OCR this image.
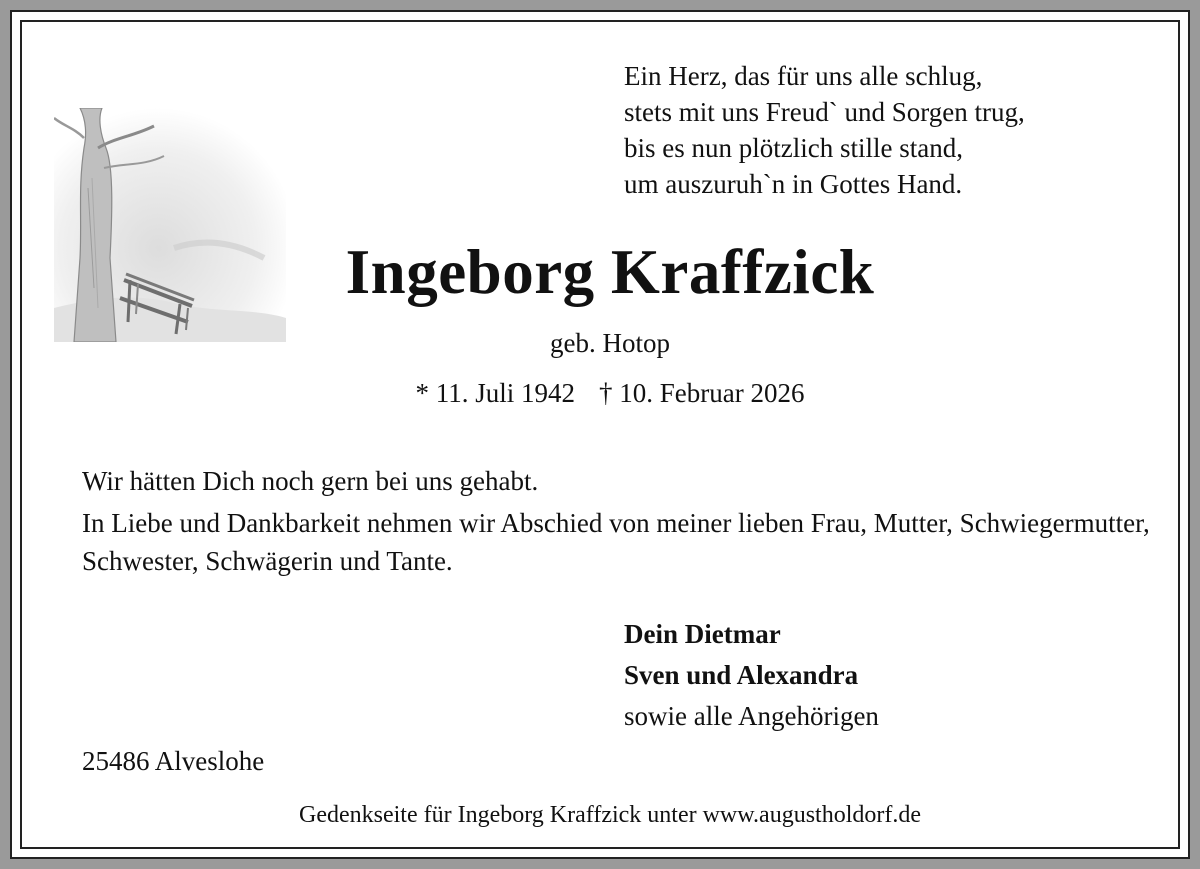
Ein Herz, das für uns alle schlug,
stets mit uns Freud` und Sorgen trug,
bis es nun plötzlich stille stand,
um auszuruh`n in Gottes Hand.
Ingeborg Kraffzick
geb. Hotop
* 11. Juli 1942 † 10. Februar 2026

Wir hätten Dich noch gern bei uns gehabt.

In Liebe und Dankbarkeit nehmen wir Abschied von meiner lieben Frau, Mutter, Schwiegermutter, Schwester, Schwägerin und Tante.

Dein Dietmar
Sven und Alexandra
sowie alle Angehörigen
25486 Alveslohe
Gedenkseite für Ingeborg Kraffzick unter www.augustholdorf.de
